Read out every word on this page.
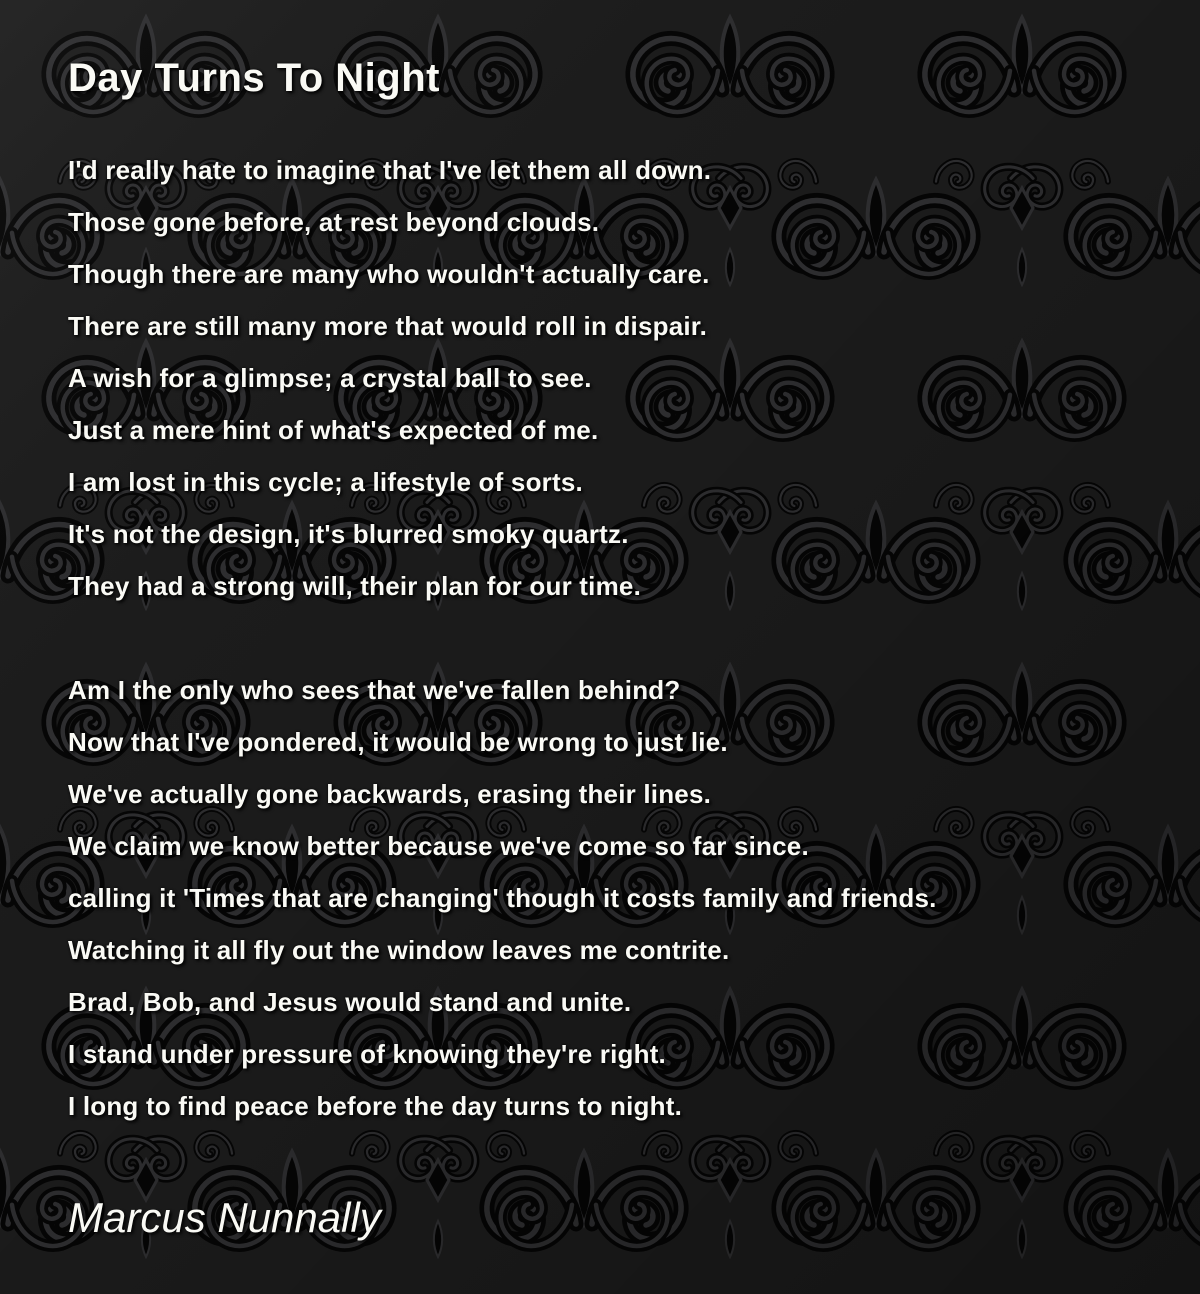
Day Turns To Night

I'd really hate to imagine that I've let them all down.

Those gone before, at rest beyond clouds.

Though there are many who wouldn't actually care.

There are still many more that would roll in dispair.

A wish for a glimpse; a crystal ball to see.

Just a mere hint of what's expected of me.

I am lost in this cycle; a lifestyle of sorts.

It's not the design, it's blurred smoky quartz.

They had a strong will, their plan for our time.

Am I the only who sees that we've fallen behind?

Now that I've pondered, it would be wrong to just lie.

We've actually gone backwards, erasing their lines.

We claim we know better because we've come so far since.

calling it 'Times that are changing' though it costs family and friends.

Watching it all fly out the window leaves me contrite.

Brad, Bob, and Jesus would stand and unite.

I stand under pressure of knowing they're right.

I long to find peace before the day turns to night.

Marcus Nunnally
